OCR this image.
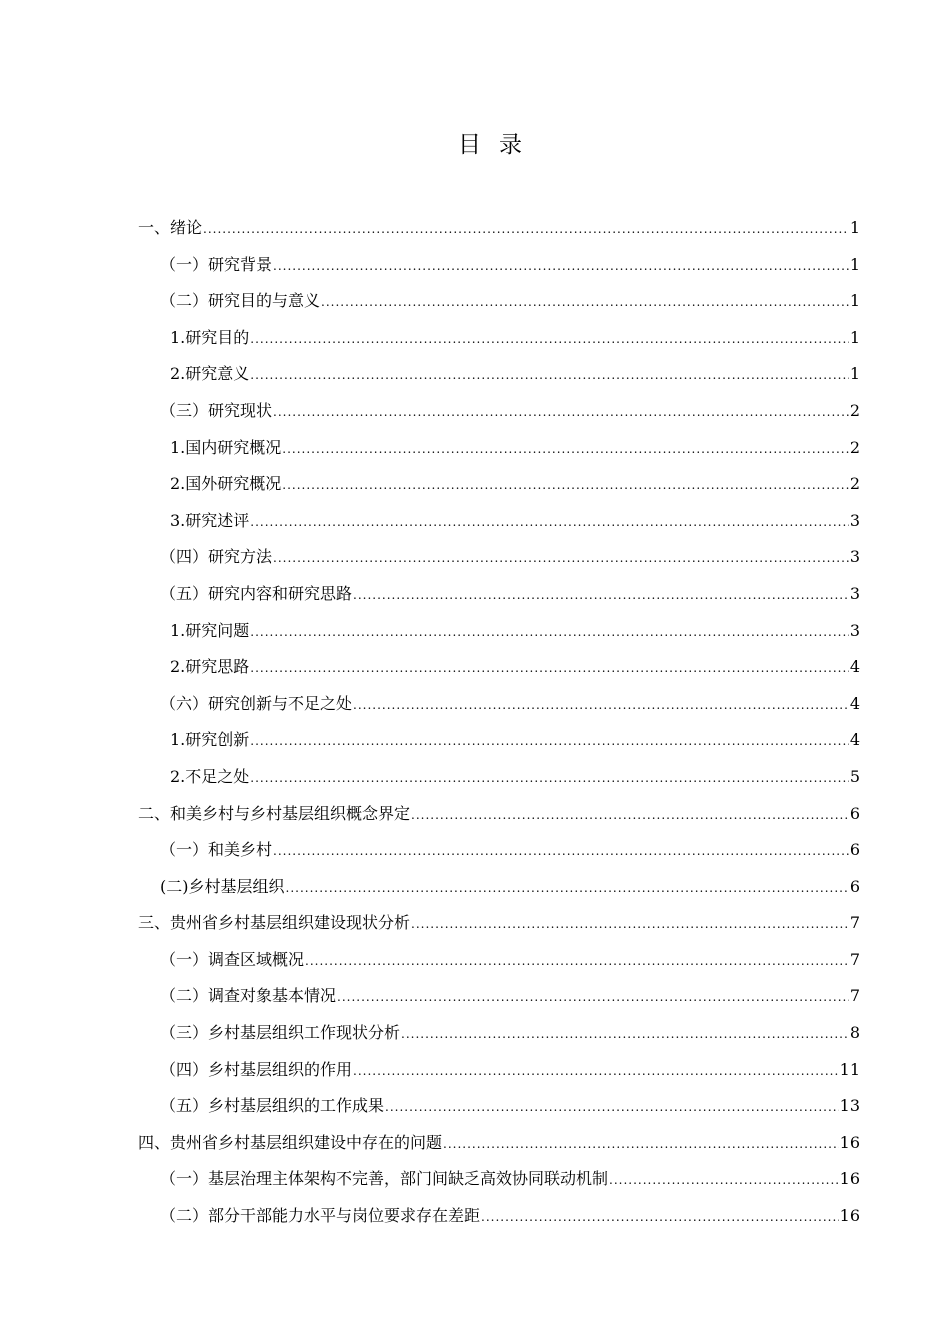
目录
一、绪论 .....	1
（一）研究背景 .....	1
（二）研究目的与意义 .....	1
1.研究目的 .....	1
2.研究意义 .....	1
（三）研究现状 .....	2
1.国内研究概况 .....	2
2.国外研究概况 .....	2
3.研究述评 .....	3
（四）研究方法 .....	3
（五）研究内容和研究思路 .....	3
1.研究问题 .....	3
2.研究思路 .....	4
（六）研究创新与不足之处 .....	4
1.研究创新 .....	4
2.不足之处 .....	5
二、和美乡村与乡村基层组织概念界定 .....	6
（一）和美乡村 .....	6
(二)乡村基层组织 .....	6
三、贵州省乡村基层组织建设现状分析 .....	7
（一）调查区域概况 .....	7
（二）调查对象基本情况 .....	7
（三）乡村基层组织工作现状分析 .....	8
（四）乡村基层组织的作用 .....	11
（五）乡村基层组织的工作成果 .....	13
四、贵州省乡村基层组织建设中存在的问题 .....	16
（一）基层治理主体架构不完善，部门间缺乏高效协同联动机制 .....	16
（二）部分干部能力水平与岗位要求存在差距 .....	16
